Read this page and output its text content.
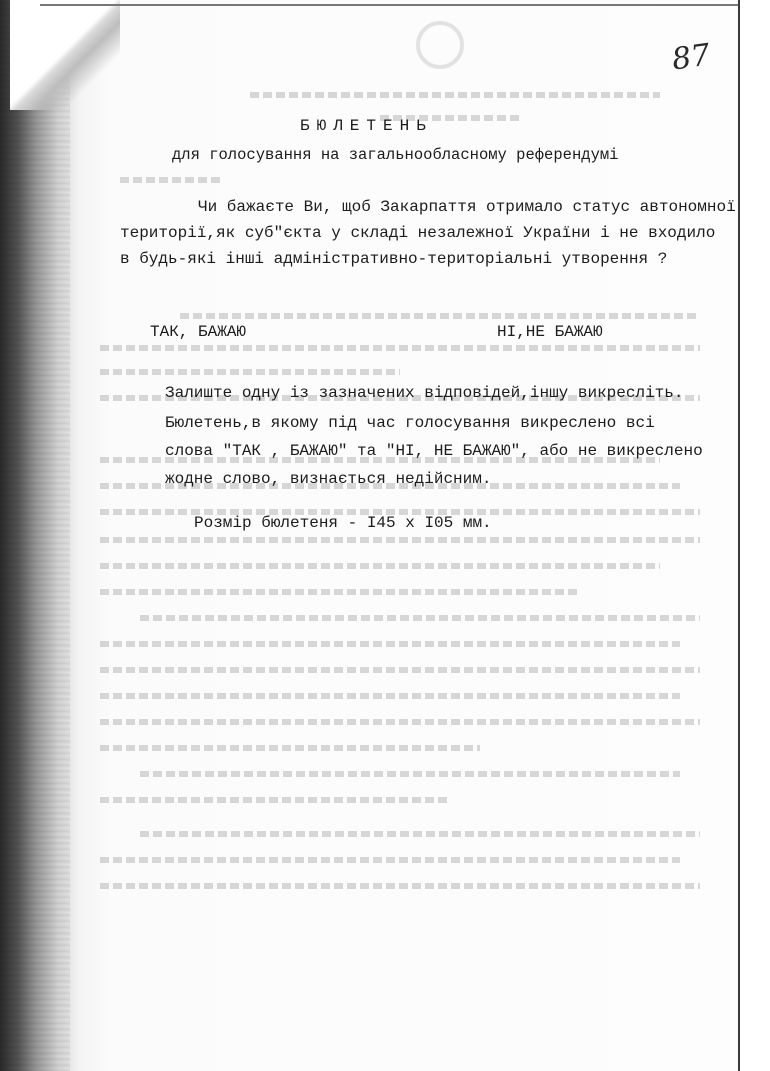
87
БЮЛЕТЕНЬ
для голосування на загальнообласному референдумі
Чи бажаєте Ви, щоб Закарпаття отримало статус автономної
території,як суб"єкта у складі незалежної України і не входило
в будь-які інші адміністративно-територіальні утворення ?
ТАК, БАЖАЮ	НІ,НЕ БАЖАЮ
Залиште одну із зазначених відповідей,іншу викресліть.
Бюлетень,в якому під час голосування викреслено всі
слова "ТАК , БАЖАЮ" та "НІ, НЕ БАЖАЮ", або не викреслено
жодне слово, визнається недійсним.
Розмір бюлетеня - І45 х І05 мм.
